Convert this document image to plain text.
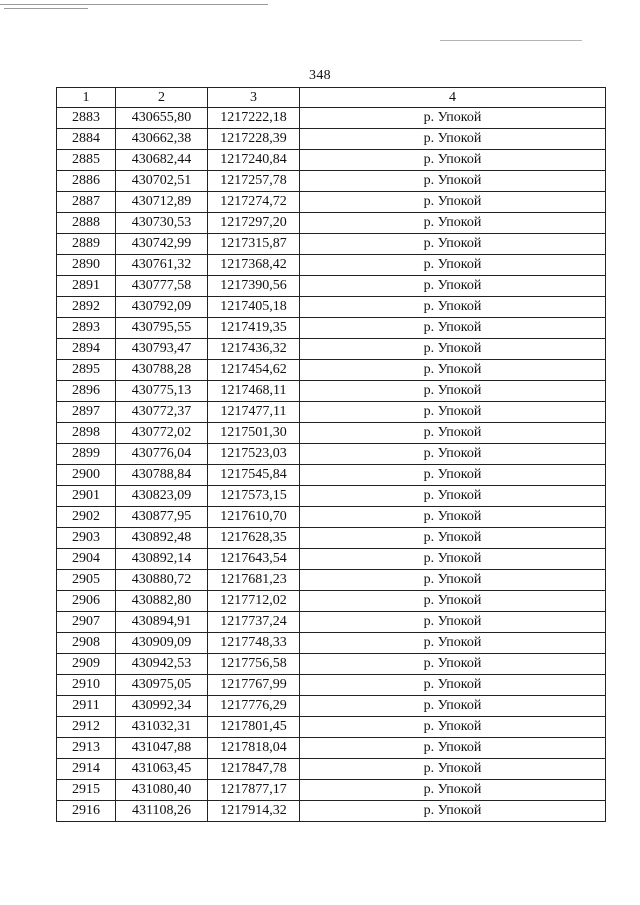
348
1	2	3	4
2883	430655,80	1217222,18	р. Упокой
2884	430662,38	1217228,39	р. Упокой
2885	430682,44	1217240,84	р. Упокой
2886	430702,51	1217257,78	р. Упокой
2887	430712,89	1217274,72	р. Упокой
2888	430730,53	1217297,20	р. Упокой
2889	430742,99	1217315,87	р. Упокой
2890	430761,32	1217368,42	р. Упокой
2891	430777,58	1217390,56	р. Упокой
2892	430792,09	1217405,18	р. Упокой
2893	430795,55	1217419,35	р. Упокой
2894	430793,47	1217436,32	р. Упокой
2895	430788,28	1217454,62	р. Упокой
2896	430775,13	1217468,11	р. Упокой
2897	430772,37	1217477,11	р. Упокой
2898	430772,02	1217501,30	р. Упокой
2899	430776,04	1217523,03	р. Упокой
2900	430788,84	1217545,84	р. Упокой
2901	430823,09	1217573,15	р. Упокой
2902	430877,95	1217610,70	р. Упокой
2903	430892,48	1217628,35	р. Упокой
2904	430892,14	1217643,54	р. Упокой
2905	430880,72	1217681,23	р. Упокой
2906	430882,80	1217712,02	р. Упокой
2907	430894,91	1217737,24	р. Упокой
2908	430909,09	1217748,33	р. Упокой
2909	430942,53	1217756,58	р. Упокой
2910	430975,05	1217767,99	р. Упокой
2911	430992,34	1217776,29	р. Упокой
2912	431032,31	1217801,45	р. Упокой
2913	431047,88	1217818,04	р. Упокой
2914	431063,45	1217847,78	р. Упокой
2915	431080,40	1217877,17	р. Упокой
2916	431108,26	1217914,32	р. Упокой
